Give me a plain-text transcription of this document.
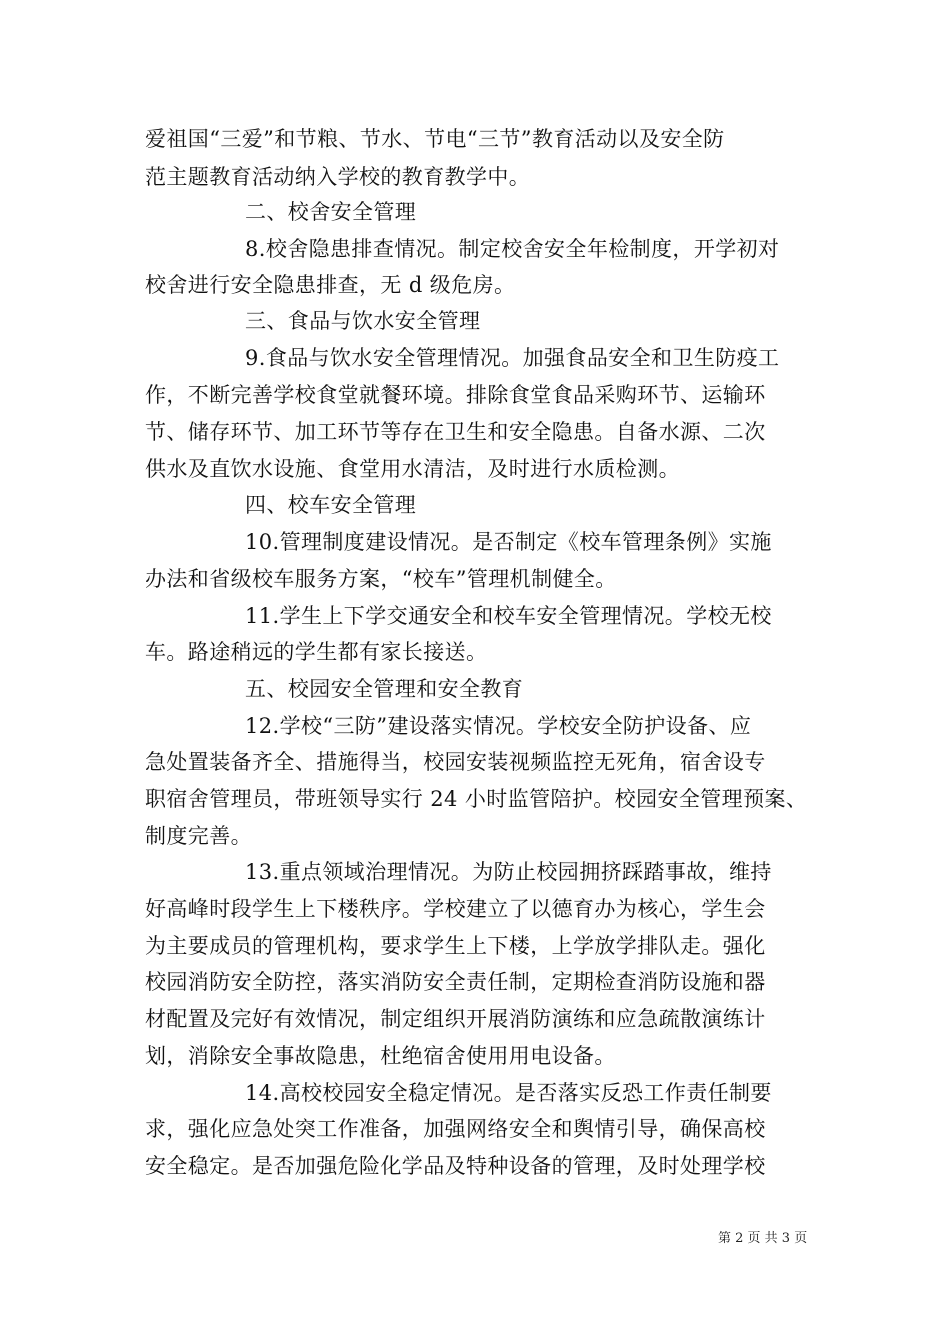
爱祖国“三爱”和节粮、节水、节电“三节”教育活动以及安全防
范主题教育活动纳入学校的教育教学中。
二、校舍安全管理
8.校舍隐患排查情况。制定校舍安全年检制度，开学初对
校舍进行安全隐患排查，无 d 级危房。
三、食品与饮水安全管理
9.食品与饮水安全管理情况。加强食品安全和卫生防疫工
作，不断完善学校食堂就餐环境。排除食堂食品采购环节、运输环
节、储存环节、加工环节等存在卫生和安全隐患。自备水源、二次
供水及直饮水设施、食堂用水清洁，及时进行水质检测。
四、校车安全管理
10.管理制度建设情况。是否制定《校车管理条例》实施
办法和省级校车服务方案，“校车”管理机制健全。
11.学生上下学交通安全和校车安全管理情况。学校无校
车。路途稍远的学生都有家长接送。
五、校园安全管理和安全教育
12.学校“三防”建设落实情况。学校安全防护设备、应
急处置装备齐全、措施得当，校园安装视频监控无死角，宿舍设专
职宿舍管理员，带班领导实行 24 小时监管陪护。校园安全管理预案、
制度完善。
13.重点领域治理情况。为防止校园拥挤踩踏事故，维持
好高峰时段学生上下楼秩序。学校建立了以德育办为核心，学生会
为主要成员的管理机构，要求学生上下楼，上学放学排队走。强化
校园消防安全防控，落实消防安全责任制，定期检查消防设施和器
材配置及完好有效情况，制定组织开展消防演练和应急疏散演练计
划，消除安全事故隐患，杜绝宿舍使用用电设备。
14.高校校园安全稳定情况。是否落实反恐工作责任制要
求，强化应急处突工作准备，加强网络安全和舆情引导，确保高校
安全稳定。是否加强危险化学品及特种设备的管理，及时处理学校
第 2 页 共 3 页
